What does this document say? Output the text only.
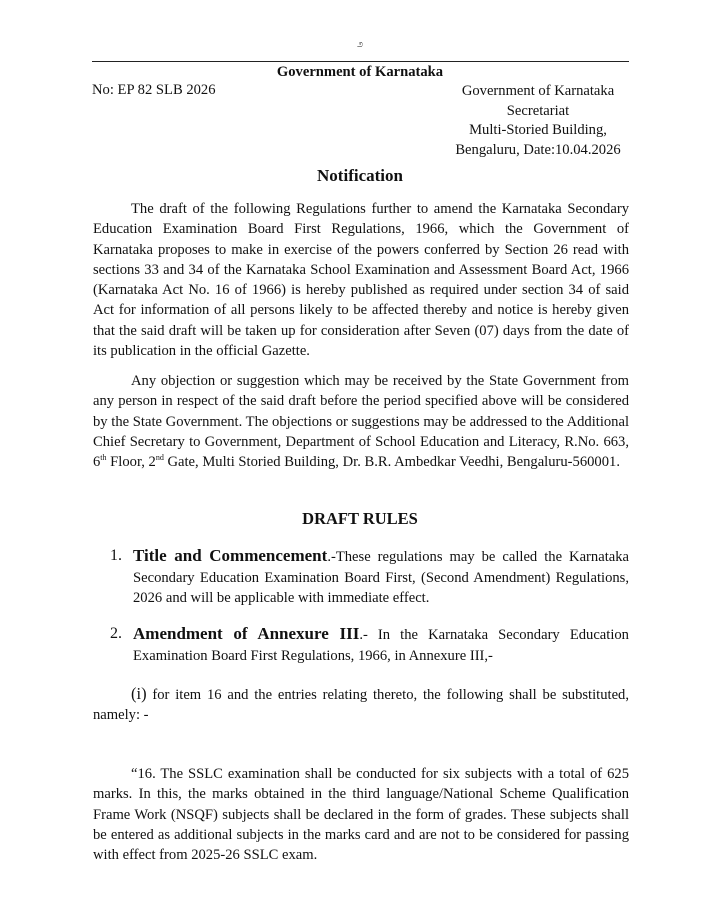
೨
Government of Karnataka
No: EP 82 SLB 2026	Government of Karnataka
Secretariat
Multi-Storied Building,
Bengaluru, Date:10.04.2026
Notification
The draft of the following Regulations further to amend the Karnataka Secondary Education Examination Board First Regulations, 1966, which the Government of Karnataka proposes to make in exercise of the powers conferred by Section 26 read with sections 33 and 34 of the Karnataka School Examination and Assessment Board Act, 1966 (Karnataka Act No. 16 of 1966) is hereby published as required under section 34 of said Act for information of all persons likely to be affected thereby and notice is hereby given that the said draft will be taken up for consideration after Seven (07) days from the date of its publication in the official Gazette.
Any objection or suggestion which may be received by the State Government from any person in respect of the said draft before the period specified above will be considered by the State Government. The objections or suggestions may be addressed to the Additional Chief Secretary to Government, Department of School Education and Literacy, R.No. 663, 6th Floor, 2nd Gate, Multi Storied Building, Dr. B.R. Ambedkar Veedhi, Bengaluru-560001.
DRAFT RULES
1. Title and Commencement.-These regulations may be called the Karnataka Secondary Education Examination Board First, (Second Amendment) Regulations, 2026 and will be applicable with immediate effect.
2. Amendment of Annexure III.- In the Karnataka Secondary Education Examination Board First Regulations, 1966, in Annexure III,-
(i) for item 16 and the entries relating thereto, the following shall be substituted, namely: -
“16. The SSLC examination shall be conducted for six subjects with a total of 625 marks. In this, the marks obtained in the third language/National Scheme Qualification Frame Work (NSQF) subjects shall be declared in the form of grades. These subjects shall be entered as additional subjects in the marks card and are not to be considered for passing with effect from 2025-26 SSLC exam.
